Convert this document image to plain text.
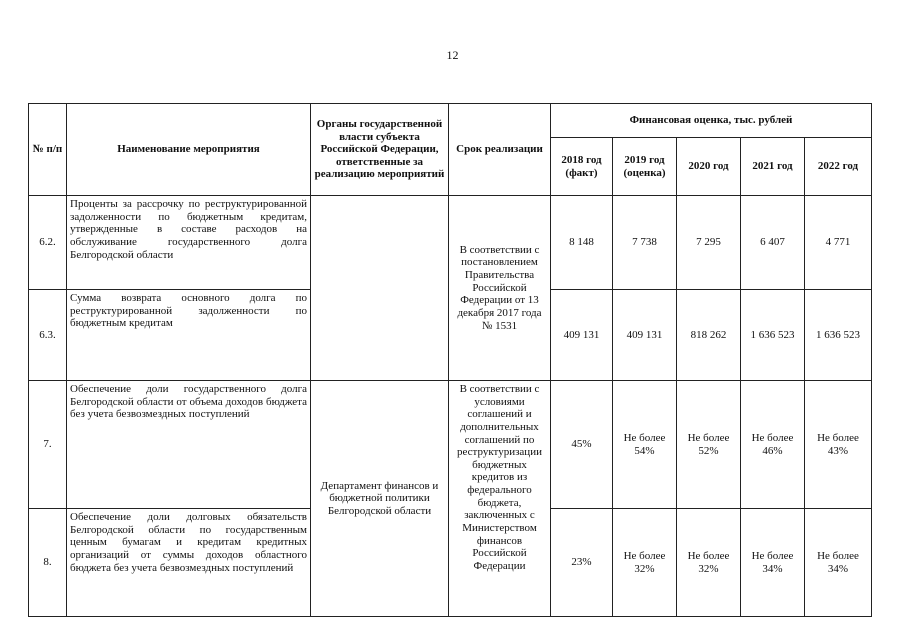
12
№ п/п	Наименование мероприятия	Органы государственной власти субъекта Российской Федерации, ответственные за реализацию мероприятий	Срок реализации	Финансовая оценка, тыс. рублей				
				2018 год (факт)	2019 год (оценка)	2020 год	2021 год	2022 год
6.2.	Проценты за рассрочку по реструктурированной задолженности по бюджетным кредитам, утвержденные в составе расходов на обслуживание государственного долга Белгородской области		В соответствии с постановлением Правительства Российской Федерации от 13 декабря 2017 года № 1531	8 148	7 738	7 295	6 407	4 771
6.3.	Сумма возврата основного долга по реструктурированной задолженности по бюджетным кредитам			409 131	409 131	818 262	1 636 523	1 636 523
7.	Обеспечение доли государственного долга Белгородской области от объема доходов бюджета без учета безвозмездных поступлений	Департамент финансов и бюджетной политики Белгородской области	В соответствии с условиями соглашений и дополнительных соглашений по реструктуризации бюджетных кредитов из федерального бюджета, заключенных с Министерством финансов Российской Федерации	45%	Не более 54%	Не более 52%	Не более 46%	Не более 43%
8.	Обеспечение доли долговых обязательств Белгородской области по государственным ценным бумагам и кредитам кредитных организаций от суммы доходов областного бюджета без учета безвозмездных поступлений			23%	Не более 32%	Не более 32%	Не более 34%	Не более 34%
